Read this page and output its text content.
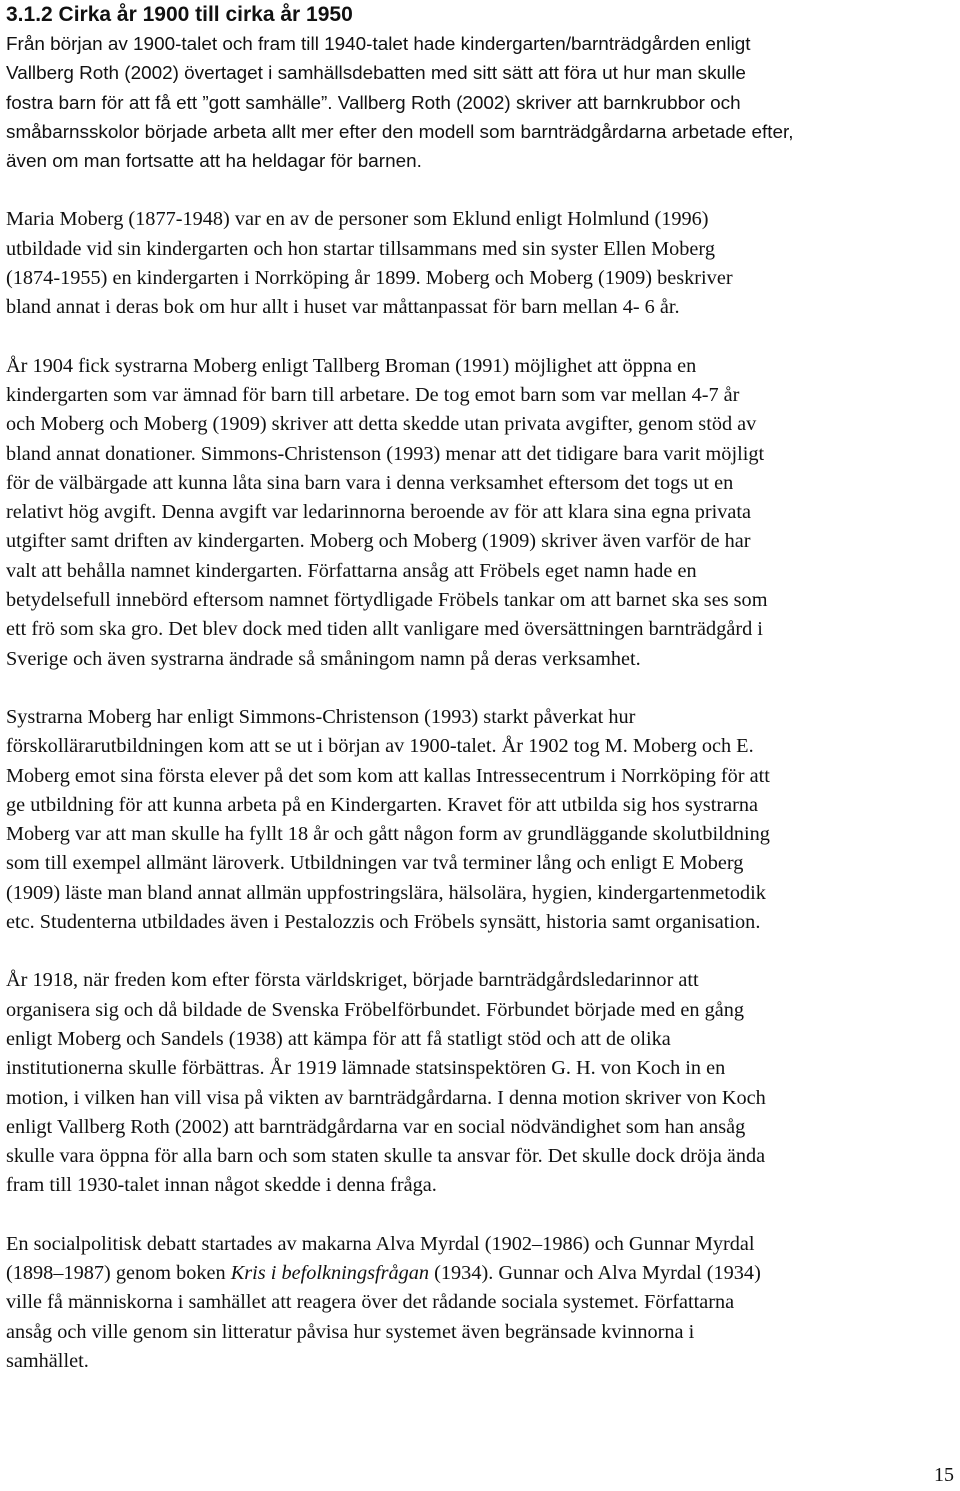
3.1.2 Cirka år 1900 till cirka år 1950

Från början av 1900-talet och fram till 1940-talet hade kindergarten/barnträdgården enligt
Vallberg Roth (2002) övertaget i samhällsdebatten med sitt sätt att föra ut hur man skulle
fostra barn för att få ett ”gott samhälle”. Vallberg Roth (2002) skriver att barnkrubbor och
småbarnsskolor började arbeta allt mer efter den modell som barnträdgårdarna arbetade efter,
även om man fortsatte att ha heldagar för barnen.

Maria Moberg (1877-1948) var en av de personer som Eklund enligt Holmlund (1996)
utbildade vid sin kindergarten och hon startar tillsammans med sin syster Ellen Moberg
(1874-1955) en kindergarten i Norrköping år 1899. Moberg och Moberg (1909) beskriver
bland annat i deras bok om hur allt i huset var måttanpassat för barn mellan 4- 6 år.

År 1904 fick systrarna Moberg enligt Tallberg Broman (1991) möjlighet att öppna en
kindergarten som var ämnad för barn till arbetare. De tog emot barn som var mellan 4-7 år
och Moberg och Moberg (1909) skriver att detta skedde utan privata avgifter, genom stöd av
bland annat donationer. Simmons-Christenson (1993) menar att det tidigare bara varit möjligt
för de välbärgade att kunna låta sina barn vara i denna verksamhet eftersom det togs ut en
relativt hög avgift. Denna avgift var ledarinnorna beroende av för att klara sina egna privata
utgifter samt driften av kindergarten. Moberg och Moberg (1909) skriver även varför de har
valt att behålla namnet kindergarten. Författarna ansåg att Fröbels eget namn hade en
betydelsefull innebörd eftersom namnet förtydligade Fröbels tankar om att barnet ska ses som
ett frö som ska gro. Det blev dock med tiden allt vanligare med översättningen barnträdgård i
Sverige och även systrarna ändrade så småningom namn på deras verksamhet.

Systrarna Moberg har enligt Simmons-Christenson (1993) starkt påverkat hur
förskollärarutbildningen kom att se ut i början av 1900-talet. År 1902 tog M. Moberg och E.
Moberg emot sina första elever på det som kom att kallas Intressecentrum i Norrköping för att
ge utbildning för att kunna arbeta på en Kindergarten. Kravet för att utbilda sig hos systrarna
Moberg var att man skulle ha fyllt 18 år och gått någon form av grundläggande skolutbildning
som till exempel allmänt läroverk. Utbildningen var två terminer lång och enligt E Moberg
(1909) läste man bland annat allmän uppfostringslära, hälsolära, hygien, kindergartenmetodik
etc. Studenterna utbildades även i Pestalozzis och Fröbels synsätt, historia samt organisation.

År 1918, när freden kom efter första världskriget, började barnträdgårdsledarinnor att
organisera sig och då bildade de Svenska Fröbelförbundet. Förbundet började med en gång
enligt Moberg och Sandels (1938) att kämpa för att få statligt stöd och att de olika
institutionerna skulle förbättras. År 1919 lämnade statsinspektören G. H. von Koch in en
motion, i vilken han vill visa på vikten av barnträdgårdarna. I denna motion skriver von Koch
enligt Vallberg Roth (2002) att barnträdgårdarna var en social nödvändighet som han ansåg
skulle vara öppna för alla barn och som staten skulle ta ansvar för. Det skulle dock dröja ända
fram till 1930-talet innan något skedde i denna fråga.

En socialpolitisk debatt startades av makarna Alva Myrdal (1902–1986) och Gunnar Myrdal
(1898–1987) genom boken Kris i befolkningsfrågan (1934). Gunnar och Alva Myrdal (1934)
ville få människorna i samhället att reagera över det rådande sociala systemet. Författarna
ansåg och ville genom sin litteratur påvisa hur systemet även begränsade kvinnorna i
samhället.

15
